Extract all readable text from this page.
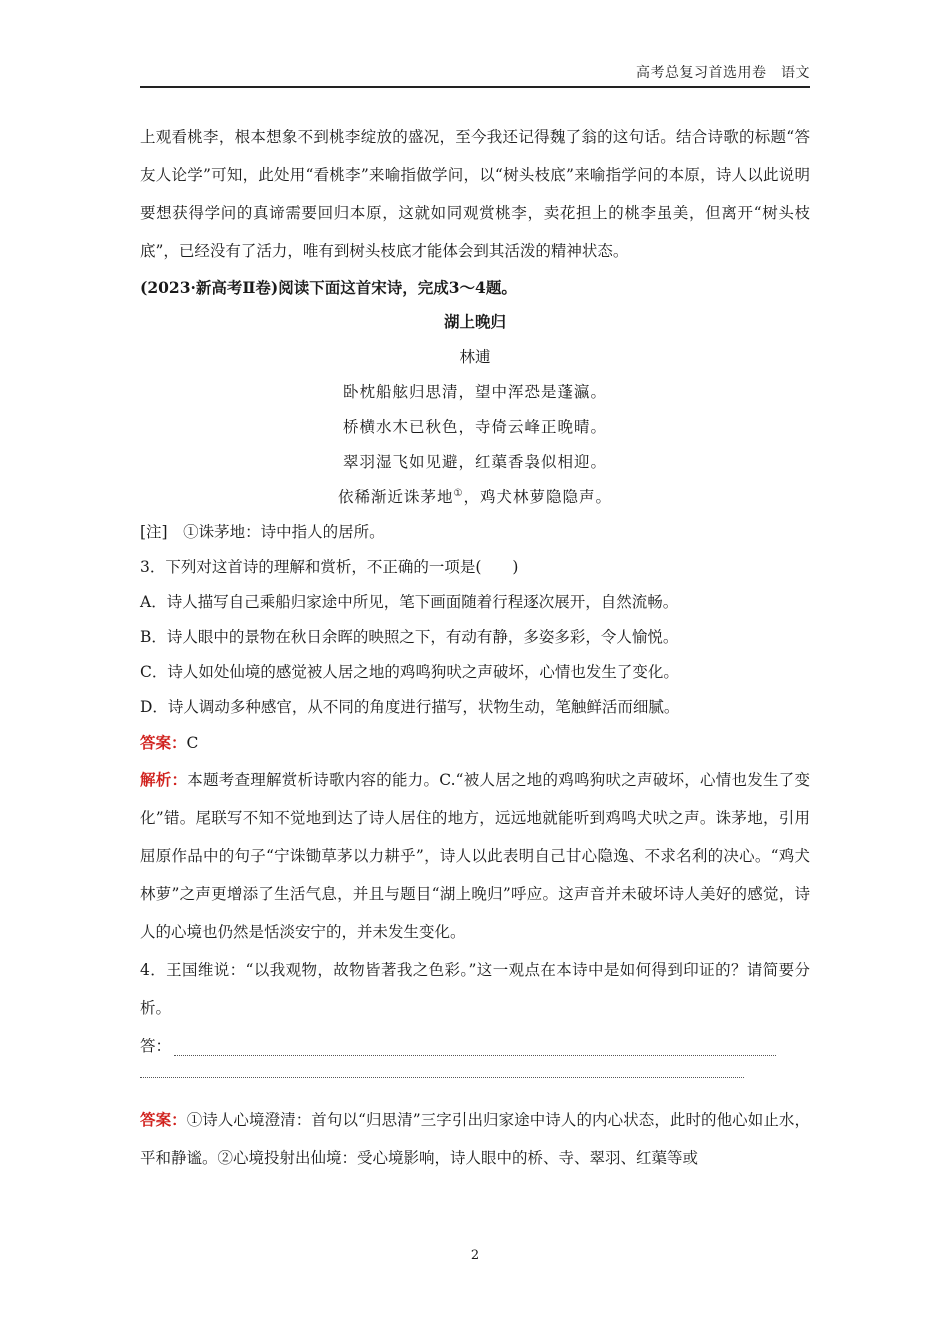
高考总复习首选用卷　语文

上观看桃李，根本想象不到桃李绽放的盛况，至今我还记得魏了翁的这句话。结合诗歌的标题“答友人论学”可知，此处用“看桃李”来喻指做学问，以“树头枝底”来喻指学问的本原，诗人以此说明要想获得学问的真谛需要回归本原，这就如同观赏桃李，卖花担上的桃李虽美，但离开“树头枝底”，已经没有了活力，唯有到树头枝底才能体会到其活泼的精神状态。

(2023·新高考Ⅱ卷)阅读下面这首宋诗，完成3～4题。

湖上晚归

林逋

卧枕船舷归思清，望中浑恐是蓬瀛。

桥横水木已秋色，寺倚云峰正晚晴。

翠羽湿飞如见避，红蕖香袅似相迎。

依稀渐近诛茅地①，鸡犬林萝隐隐声。

[注]　 ①诛茅地：诗中指人的居所。

3．下列对这首诗的理解和赏析，不正确的一项是(　　)

A．诗人描写自己乘船归家途中所见，笔下画面随着行程逐次展开，自然流畅。

B．诗人眼中的景物在秋日余晖的映照之下，有动有静，多姿多彩，令人愉悦。

C．诗人如处仙境的感觉被人居之地的鸡鸣狗吠之声破坏，心情也发生了变化。

D．诗人调动多种感官，从不同的角度进行描写，状物生动，笔触鲜活而细腻。

答案：C

解析：本题考查理解赏析诗歌内容的能力。C.“被人居之地的鸡鸣狗吠之声破坏，心情也发生了变化”错。尾联写不知不觉地到达了诗人居住的地方，远远地就能听到鸡鸣犬吠之声。诛茅地，引用屈原作品中的句子“宁诛锄草茅以力耕乎”，诗人以此表明自己甘心隐逸、不求名利的决心。“鸡犬林萝”之声更增添了生活气息，并且与题目“湖上晚归”呼应。这声音并未破坏诗人美好的感觉，诗人的心境也仍然是恬淡安宁的，并未发生变化。

4．王国维说：“以我观物，故物皆著我之色彩。”这一观点在本诗中是如何得到印证的？请简要分析。

答：

答案：①诗人心境澄清：首句以“归思清”三字引出归家途中诗人的内心状态，此时的他心如止水，平和静谧。②心境投射出仙境：受心境影响，诗人眼中的桥、寺、翠羽、红蕖等或

2
